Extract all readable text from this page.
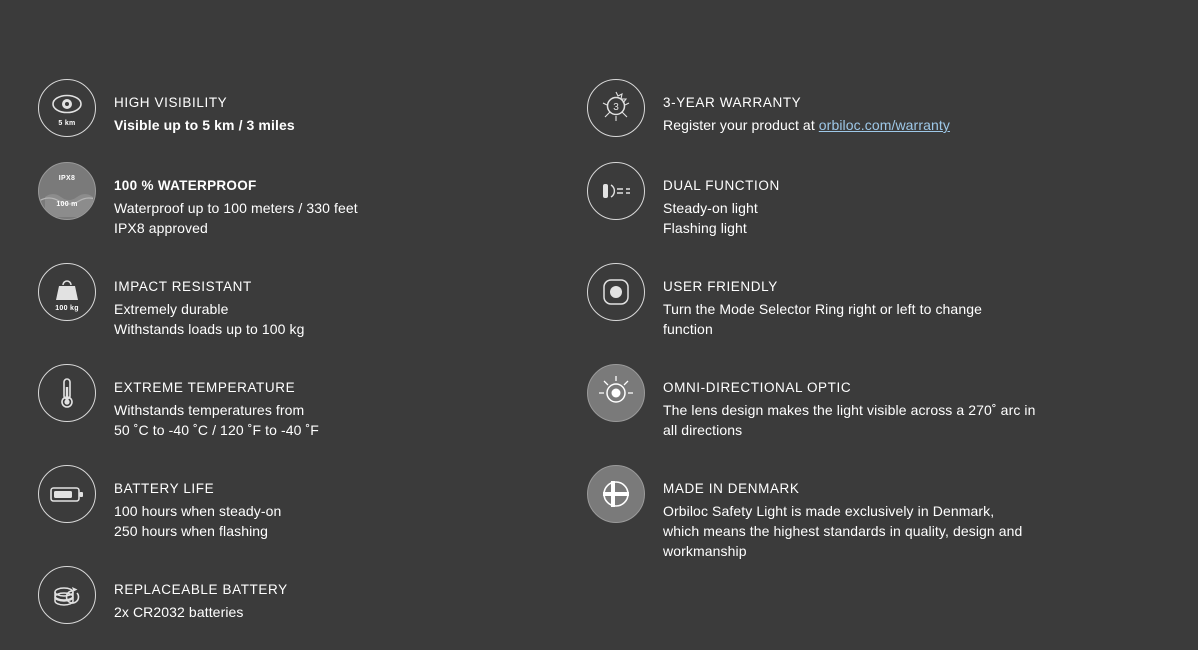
5 km

HIGH VISIBILITY

Visible up to 5 km / 3 miles

IPX8
100 m

100 % WATERPROOF

Waterproof up to 100 meters / 330 feet

IPX8 approved

100 kg

IMPACT RESISTANT

Extremely durable

Withstands loads up to 100 kg

EXTREME TEMPERATURE

Withstands temperatures from

50 ˚C to -40 ˚C / 120 ˚F to -40 ˚F

BATTERY LIFE

100 hours when steady-on

250 hours when flashing

REPLACEABLE BATTERY

2x CR2032 batteries

3	3-YEAR WARRANTY

Register your product at orbiloc.com/warranty

DUAL FUNCTION

Steady-on light

Flashing light

USER FRIENDLY

Turn the Mode Selector Ring right or left to change

function

OMNI-DIRECTIONAL OPTIC

The lens design makes the light visible across a 270˚ arc in

all directions

MADE IN DENMARK

Orbiloc Safety Light is made exclusively in Denmark,

which means the highest standards in quality, design and

workmanship
